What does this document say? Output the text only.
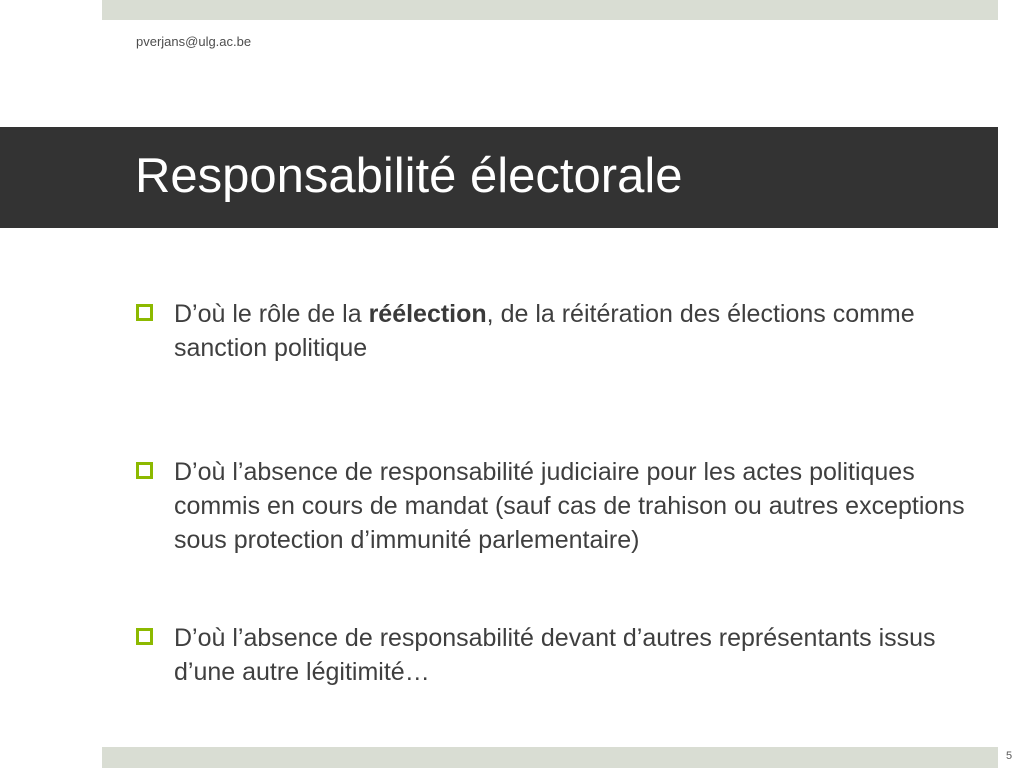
pverjans@ulg.ac.be
Responsabilité électorale
D’où le rôle de la réélection, de la réitération des élections comme sanction politique
D’où l’absence de responsabilité judiciaire pour les actes politiques commis en cours de mandat (sauf cas de trahison ou autres exceptions sous protection d’immunité parlementaire)
D’où l’absence de responsabilité devant d’autres représentants issus d’une autre légitimité…
5
